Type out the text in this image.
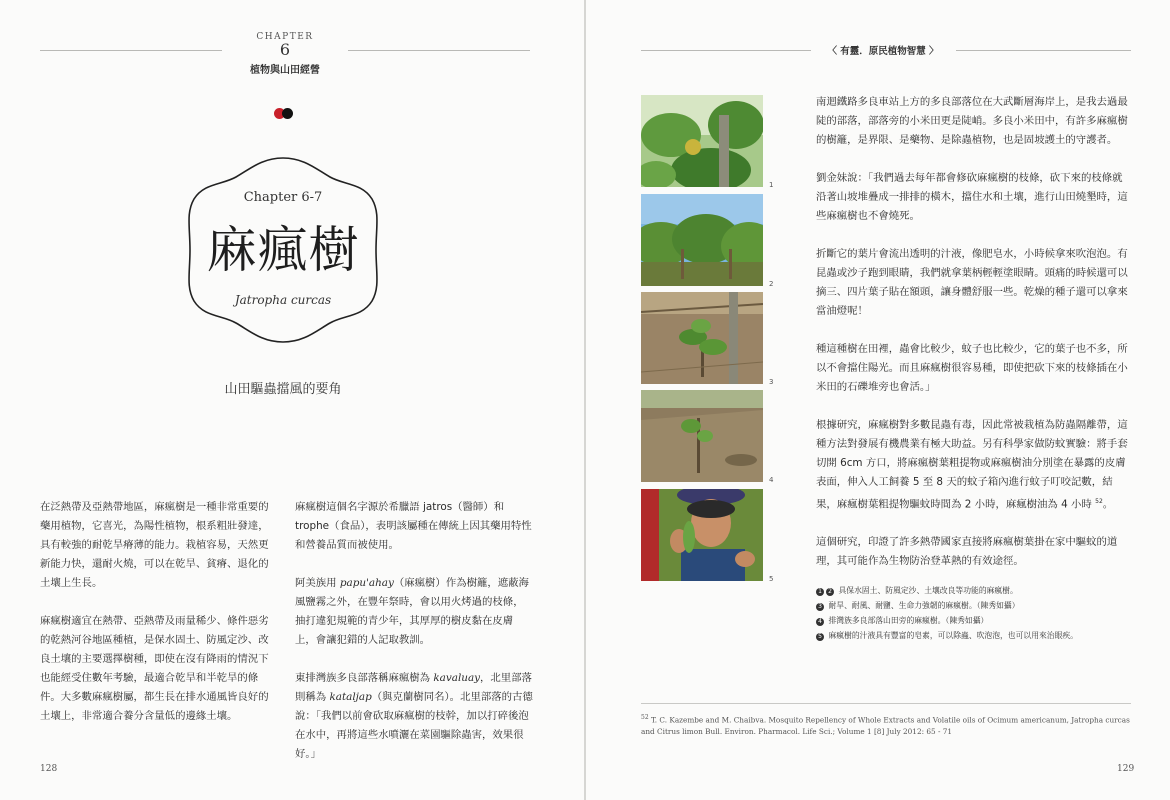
CHAPTER
6
植物與山田經營
Chapter 6-7
麻瘋樹
Jatropha curcas
山田驅蟲擋風的要角

在泛熱帶及亞熱帶地區，麻瘋樹是一種非常重要的藥用植物，它喜光，為陽性植物，根系粗壯發達，具有較強的耐乾旱瘠薄的能力。栽植容易，天然更新能力快，還耐火燒，可以在乾旱、貧瘠、退化的土壤上生長。

麻瘋樹適宜在熱帶、亞熱帶及雨量稀少、條件惡劣的乾熱河谷地區種植，是保水固土、防風定沙、改良土壤的主要選擇樹種，即使在沒有降雨的情況下也能經受住數年考驗，最適合乾旱和半乾旱的條件。大多數麻瘋樹屬，都生長在排水通風皆良好的土壤上，非常適合養分含量低的邊緣土壤。

麻瘋樹這個名字源於希臘語 jatros（醫師）和 trophe（食品），表明該屬種在傳統上因其藥用特性和營養品質而被使用。

阿美族用 papu'ahay（麻瘋樹）作為樹籬，遮蔽海風鹽霧之外，在豐年祭時，會以用火烤過的枝條，抽打違犯規範的青少年，其厚厚的樹皮黏在皮膚上，會讓犯錯的人記取教訓。

東排灣族多良部落稱麻瘋樹為 kavaluay，北里部落則稱為 kataljap（與克蘭樹同名）。北里部落的古德說：「我們以前會砍取麻瘋樹的枝幹，加以打碎後泡在水中，再將這些水噴灑在菜園驅除蟲害，效果很好。」

128
〈 有靈．原民植物智慧 〉
1
2
3
4
5

南迴鐵路多良車站上方的多良部落位在大武斷層海岸上，是我去過最陡的部落，部落旁的小米田更是陡峭。多良小米田中，有許多麻瘋樹的樹籬，是界限、是藥物、是除蟲植物，也是固坡護土的守護者。

劉金妹說：「我們過去每年都會修砍麻瘋樹的枝條，砍下來的枝條就沿著山坡堆疊成一排排的橫木，擋住水和土壤，進行山田燒墾時，這些麻瘋樹也不會燒死。

折斷它的葉片會流出透明的汁液，像肥皂水，小時候拿來吹泡泡。有昆蟲或沙子跑到眼睛，我們就拿葉柄輕輕塗眼睛。頭痛的時候還可以摘三、四片葉子貼在額頭，讓身體舒服一些。乾燥的種子還可以拿來當油燈呢！

種這種樹在田裡，蟲會比較少，蚊子也比較少，它的葉子也不多，所以不會擋住陽光。而且麻瘋樹很容易種，即使把砍下來的枝條插在小米田的石礫堆旁也會活。」

根據研究，麻瘋樹對多數昆蟲有毒，因此常被栽植為防蟲隔離帶，這種方法對發展有機農業有極大助益。另有科學家做防蚊實驗：將手套切開 6cm 方口，將麻瘋樹葉粗提物或麻瘋樹油分別塗在暴露的皮膚表面，伸入人工飼養 5 至 8 天的蚊子箱內進行蚊子叮咬記數，結果，麻瘋樹葉粗提物驅蚊時間為 2 小時，麻瘋樹油為 4 小時 $^{52}$。

這個研究，印證了許多熱帶國家直接將麻瘋樹葉掛在家中驅蚊的道理，其可能作為生物防治登革熱的有效途徑。

1 2 具保水固土、防風定沙、土壤改良等功能的麻瘋樹。
3 耐旱、耐風、耐鹽、生命力強韌的麻瘋樹。（陳秀如攝）
4 排灣族多良部落山田旁的麻瘋樹。（陳秀如攝）
5 麻瘋樹的汁液具有豐富的皂素，可以除蟲、吹泡泡，也可以用來治眼疾。
$^{52}$ T. C. Kazembe and M. Chaibva. Mosquito Repellency of Whole Extracts and Volatile oils of Ocimum americanum, Jatropha curcas and Citrus limon Bull. Environ. Pharmacol. Life Sci.; Volume 1 [8] July 2012: 65 - 71
129
